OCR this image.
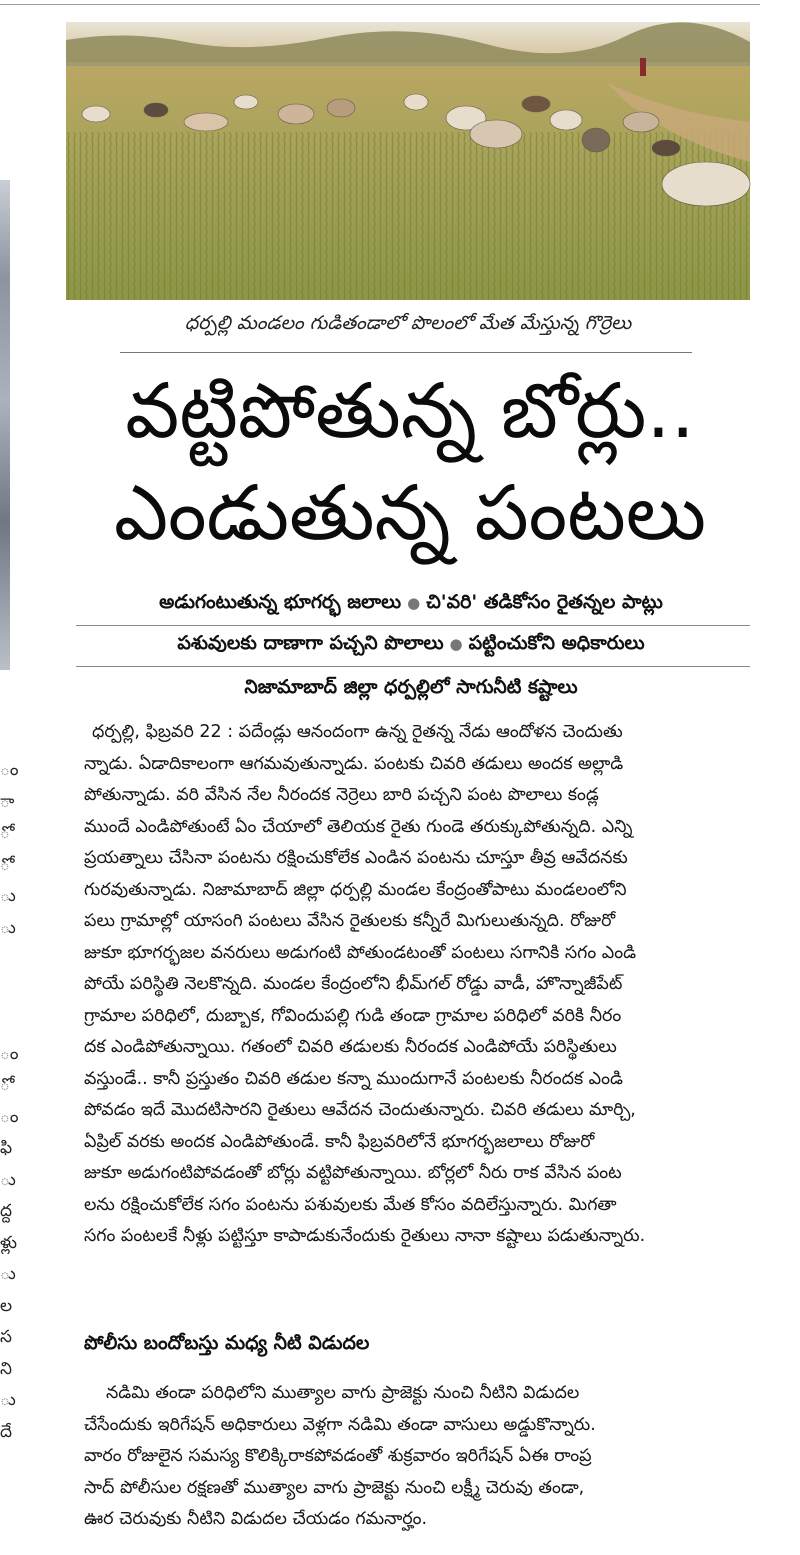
ం
ా
ో
ో
ు
ు
ం
ో
ం
ఫి
ు
ద్ద
ళ్లు
ు
ల
స
ని
ు
దే
ధర్పల్లి మండలం గుడితండాలో పొలంలో మేత మేస్తున్న గొర్రెలు
వట్టిపోతున్న బోర్లు..
ఎండుతున్న పంటలు
అడుగంటుతున్న భూగర్భ జలాలు ● చి'వరి' తడికోసం రైతన్నల పాట్లు
పశువులకు దాణాగా పచ్చని పొలాలు ● పట్టించుకోని అధికారులు
నిజామాబాద్ జిల్లా ధర్పల్లిలో సాగునీటి కష్టాలు
ధర్పల్లి, ఫిబ్రవరి 22 : పదేండ్లు ఆనందంగా ఉన్న రైతన్న నేడు ఆందోళన చెందుతు
న్నాడు. ఏడాదికాలంగా ఆగమవుతున్నాడు. పంటకు చివరి తడులు అందక అల్లాడి
పోతున్నాడు. వరి వేసిన నేల నీరందక నెర్రెలు బారి పచ్చని పంట పొలాలు కండ్ల
ముందే ఎండిపోతుంటే ఏం చేయాలో తెలియక రైతు గుండె తరుక్కుపోతున్నది. ఎన్ని
ప్రయత్నాలు చేసినా పంటను రక్షించుకోలేక ఎండిన పంటను చూస్తూ తీవ్ర ఆవేదనకు
గురవుతున్నాడు. నిజామాబాద్ జిల్లా ధర్పల్లి మండల కేంద్రంతోపాటు మండలంలోని
పలు గ్రామాల్లో యాసంగి పంటలు వేసిన రైతులకు కన్నీరే మిగులుతున్నది. రోజురో
జుకూ భూగర్భజల వనరులు అడుగంటి పోతుండటంతో పంటలు సగానికి సగం ఎండి
పోయే పరిస్థితి నెలకొన్నది. మండల కేంద్రంలోని భీమ్‌గల్ రోడ్డు వాడీ, హొన్నాజీపేట్
గ్రామాల పరిధిలో, దుబ్బాక, గోవిందుపల్లి గుడి తండా గ్రామాల పరిధిలో వరికి నీరం
దక ఎండిపోతున్నాయి. గతంలో చివరి తడులకు నీరందక ఎండిపోయే పరిస్థితులు
వస్తుండే.. కానీ ప్రస్తుతం చివరి తడుల కన్నా ముందుగానే పంటలకు నీరందక ఎండి
పోవడం ఇదే మొదటిసారని రైతులు ఆవేదన చెందుతున్నారు. చివరి తడులు మార్చి,
ఏప్రిల్ వరకు అందక ఎండిపోతుండే. కానీ ఫిబ్రవరిలోనే భూగర్భజలాలు రోజురో
జుకూ అడుగంటిపోవడంతో బోర్లు వట్టిపోతున్నాయి. బోర్లలో నీరు రాక వేసిన పంట
లను రక్షించుకోలేక సగం పంటను పశువులకు మేత కోసం వదిలేస్తున్నారు. మిగతా
సగం పంటలకే నీళ్లు పట్టిస్తూ కాపాడుకునేందుకు రైతులు నానా కష్టాలు పడుతున్నారు.
పోలీసు బందోబస్తు మధ్య నీటి విడుదల
నడిమి తండా పరిధిలోని ముత్యాల వాగు ప్రాజెక్టు నుంచి నీటిని విడుదల
చేసేందుకు ఇరిగేషన్ అధికారులు వెళ్లగా నడిమి తండా వాసులు అడ్డుకొన్నారు.
వారం రోజులైన సమస్య కొలిక్కిరాకపోవడంతో శుక్రవారం ఇరిగేషన్ ఏఈ రాంప్ర
సాద్ పోలీసుల రక్షణతో ముత్యాల వాగు ప్రాజెక్టు నుంచి లక్ష్మీ చెరువు తండా,
ఊర చెరువుకు నీటిని విడుదల చేయడం గమనార్హం.
